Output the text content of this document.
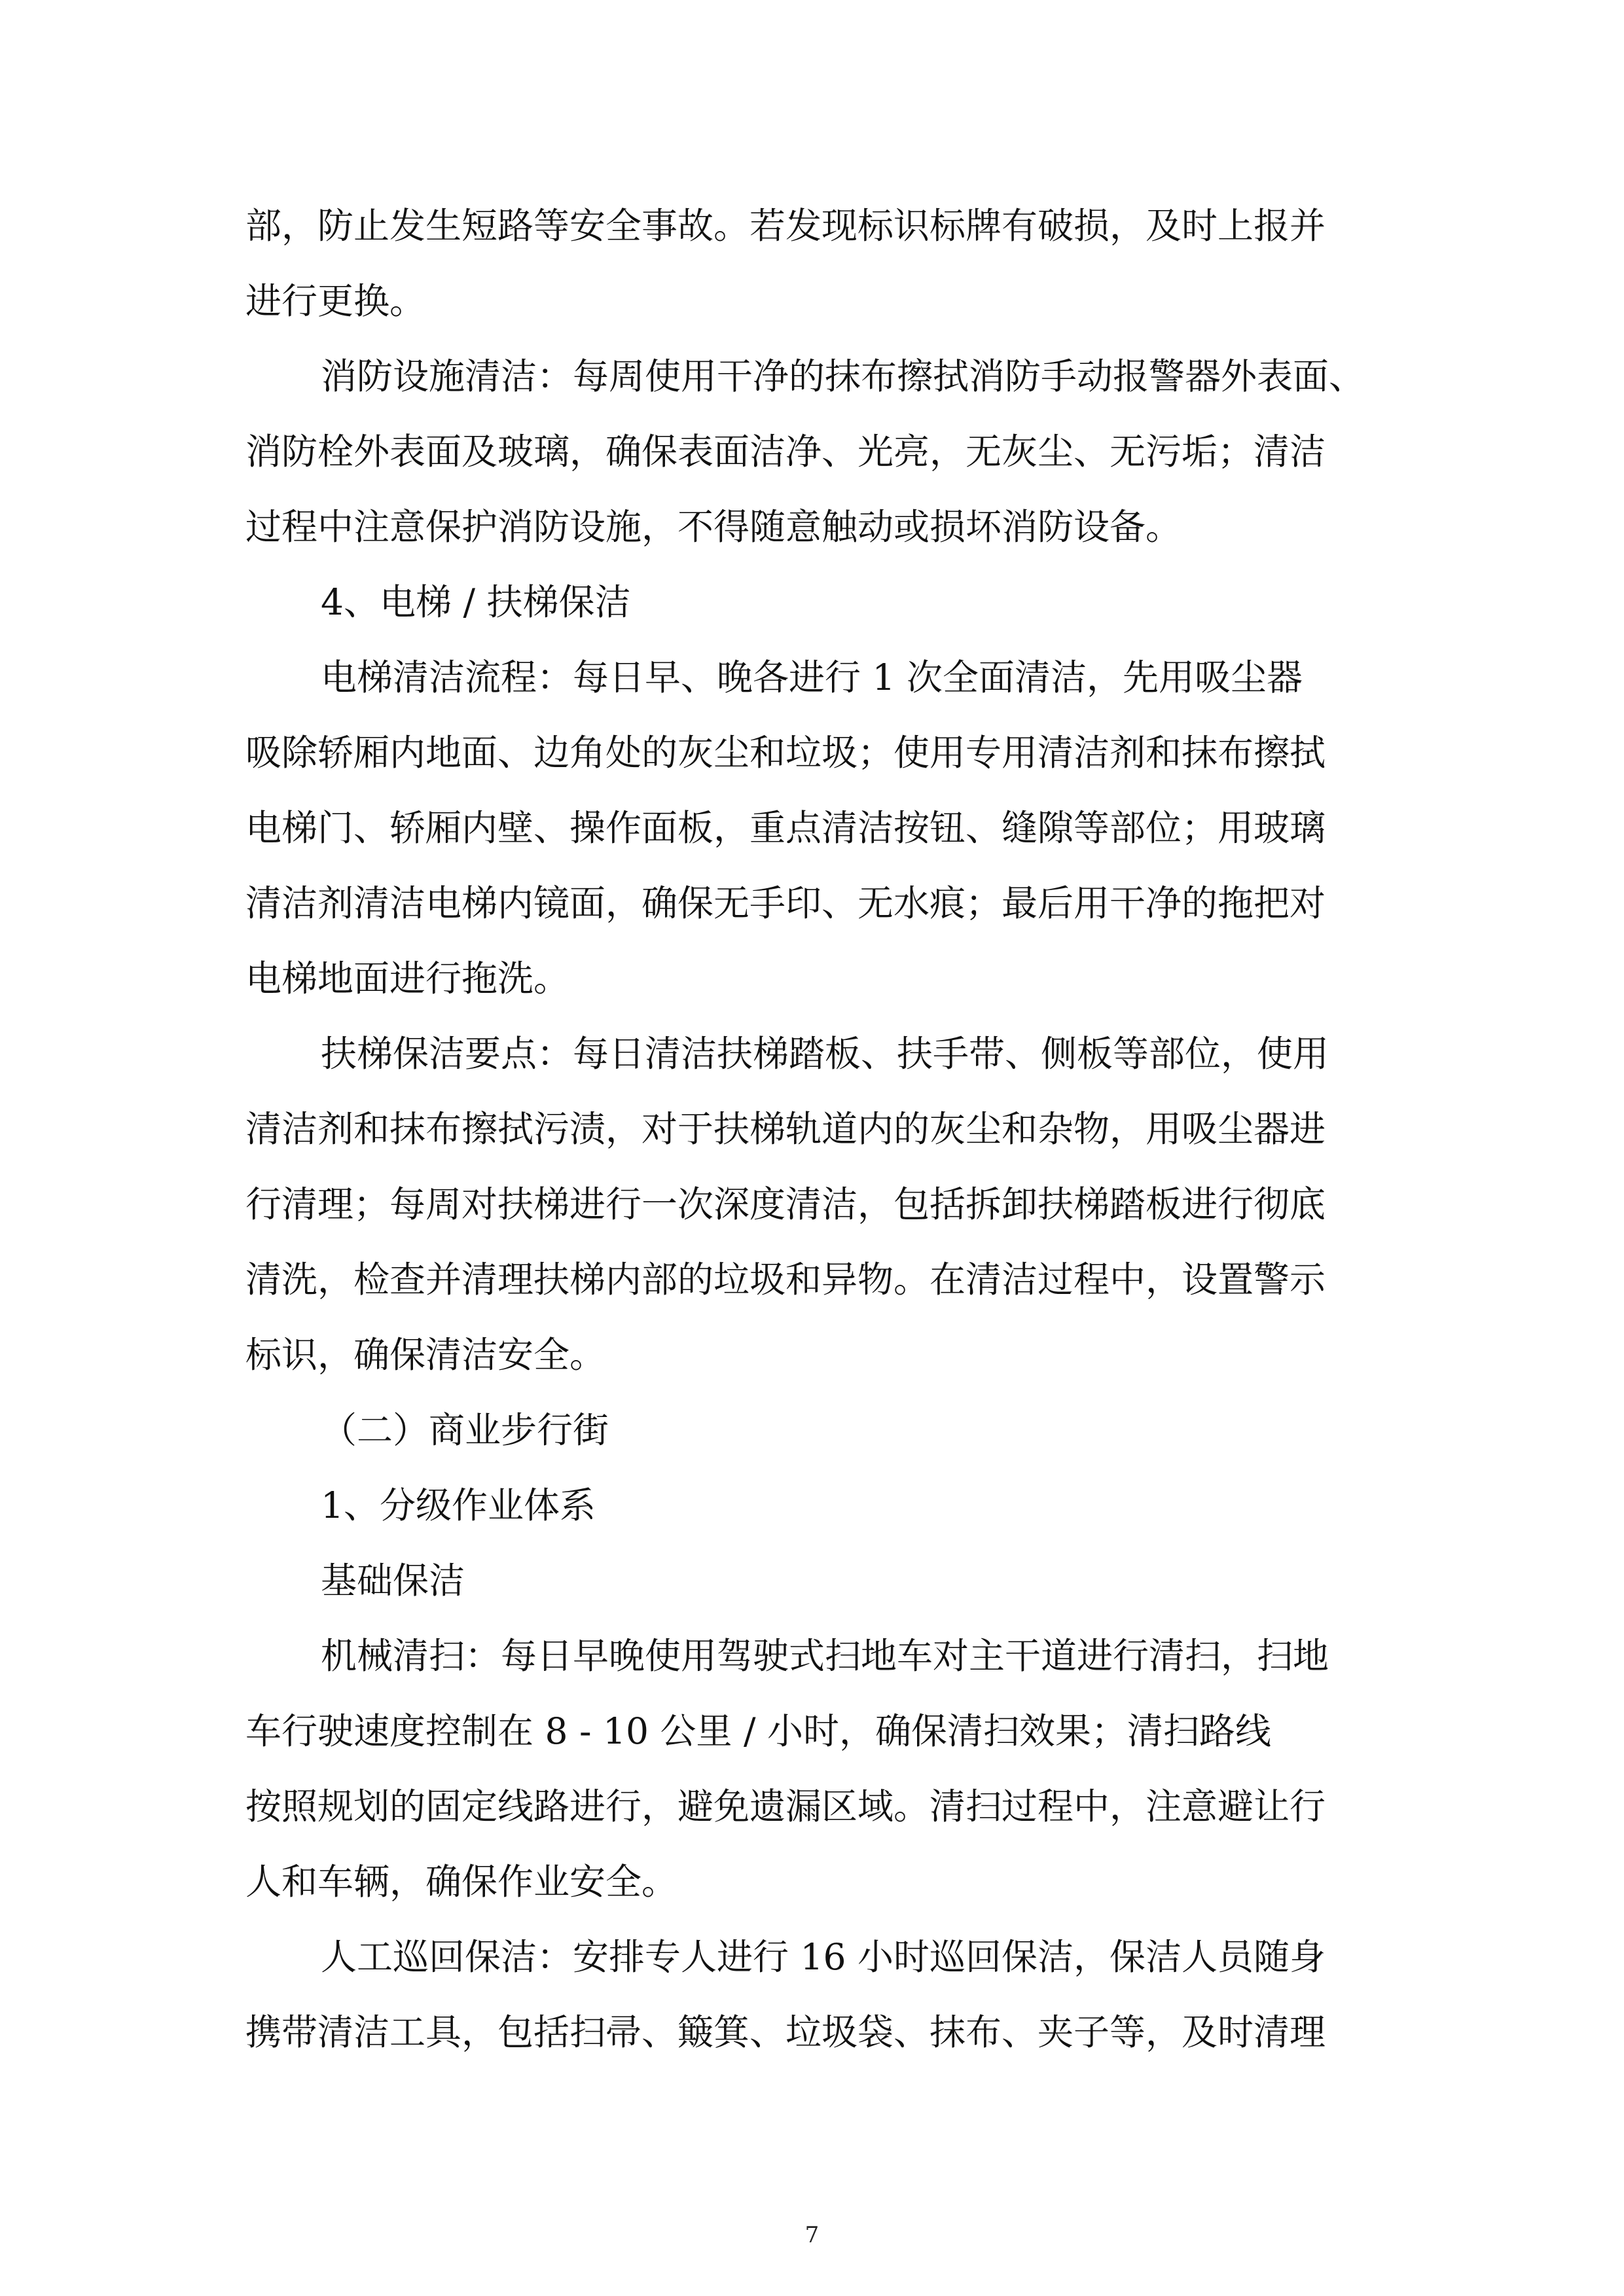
部，防止发生短路等安全事故。若发现标识标牌有破损，及时上报并
进行更换。
消防设施清洁：每周使用干净的抹布擦拭消防手动报警器外表面、
消防栓外表面及玻璃，确保表面洁净、光亮，无灰尘、无污垢；清洁
过程中注意保护消防设施，不得随意触动或损坏消防设备。
4、电梯 / 扶梯保洁
电梯清洁流程：每日早、晚各进行 1 次全面清洁，先用吸尘器
吸除轿厢内地面、边角处的灰尘和垃圾；使用专用清洁剂和抹布擦拭
电梯门、轿厢内壁、操作面板，重点清洁按钮、缝隙等部位；用玻璃
清洁剂清洁电梯内镜面，确保无手印、无水痕；最后用干净的拖把对
电梯地面进行拖洗。
扶梯保洁要点：每日清洁扶梯踏板、扶手带、侧板等部位，使用
清洁剂和抹布擦拭污渍，对于扶梯轨道内的灰尘和杂物，用吸尘器进
行清理；每周对扶梯进行一次深度清洁，包括拆卸扶梯踏板进行彻底
清洗，检查并清理扶梯内部的垃圾和异物。在清洁过程中，设置警示
标识，确保清洁安全。
（二）商业步行街
1、分级作业体系
基础保洁
机械清扫：每日早晚使用驾驶式扫地车对主干道进行清扫，扫地
车行驶速度控制在 8 - 10 公里 / 小时，确保清扫效果；清扫路线
按照规划的固定线路进行，避免遗漏区域。清扫过程中，注意避让行
人和车辆，确保作业安全。
人工巡回保洁：安排专人进行 16 小时巡回保洁，保洁人员随身
携带清洁工具，包括扫帚、簸箕、垃圾袋、抹布、夹子等，及时清理
7
